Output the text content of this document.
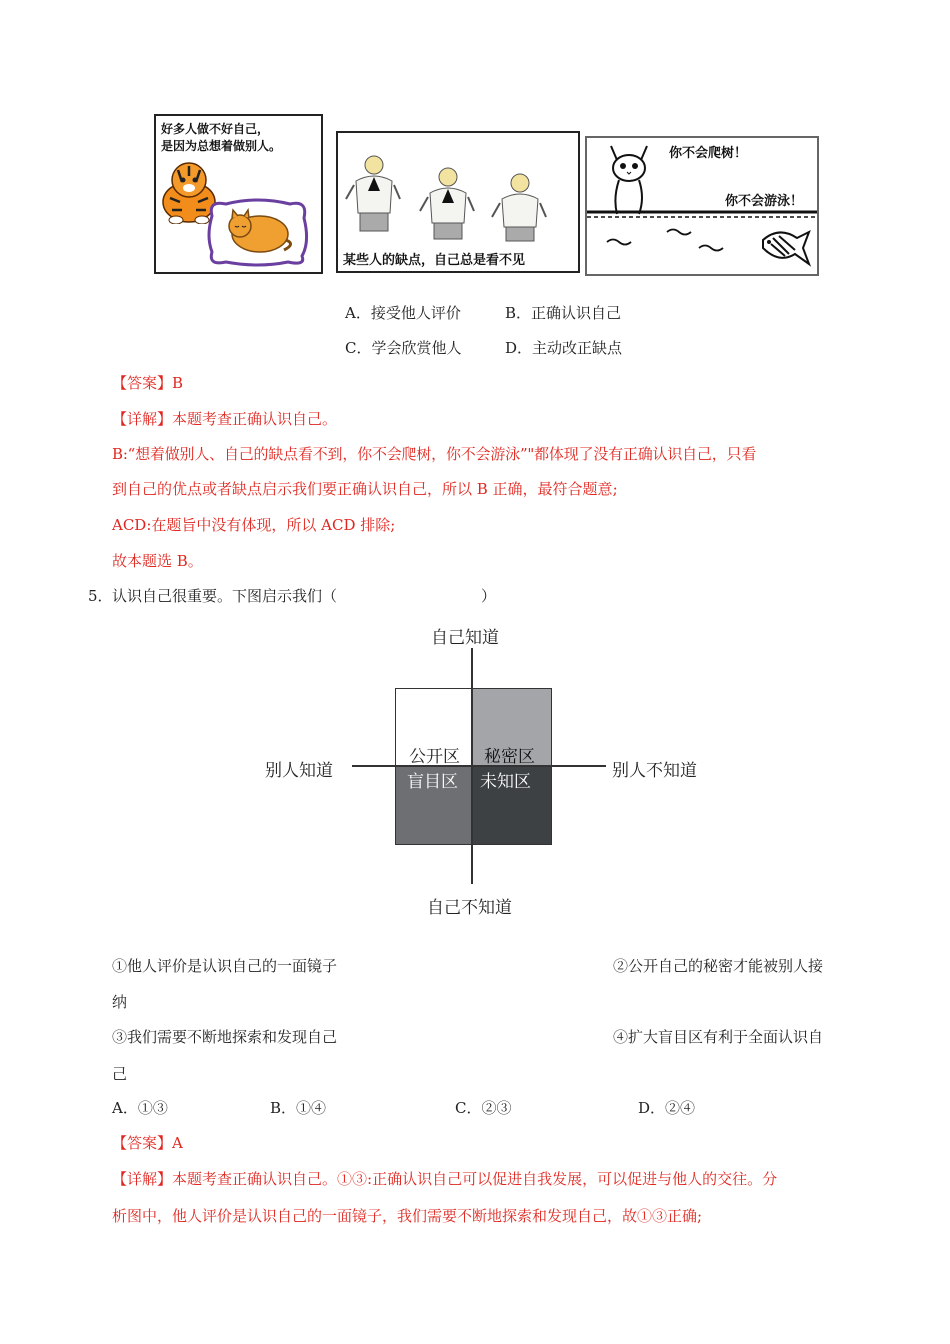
好多人做不好自己，
是因为总想着做别人。
某些人的缺点，自己总是看不见
你不会爬树！
你不会游泳！
A．接受他人评价	B．正确认识自己
C．学会欣赏他人	D．主动改正缺点
【答案】B
【详解】本题考查正确认识自己。
B:“想着做别人、自己的缺点看不到，你不会爬树，你不会游泳”"都体现了没有正确认识自己，只看
到自己的优点或者缺点启示我们要正确认识自己，所以 B 正确，最符合题意;
ACD:在题旨中没有体现，所以 ACD 排除;
故本题选 B。
5． 认识自己很重要。下图启示我们（	）
自己知道
自己不知道
别人知道	别人不知道
公开区 秘密区
盲目区 未知区
①他人评价是认识自己的一面镜子	②公开自己的秘密才能被别人接
纳
③我们需要不断地探索和发现自己	④扩大盲目区有利于全面认识自
己
A．①③	B．①④	C．②③	D．②④
【答案】A
【详解】本题考查正确认识自己。①③:正确认识自己可以促进自我发展，可以促进与他人的交往。分
析图中，他人评价是认识自己的一面镜子，我们需要不断地探索和发现自己，故①③正确;
